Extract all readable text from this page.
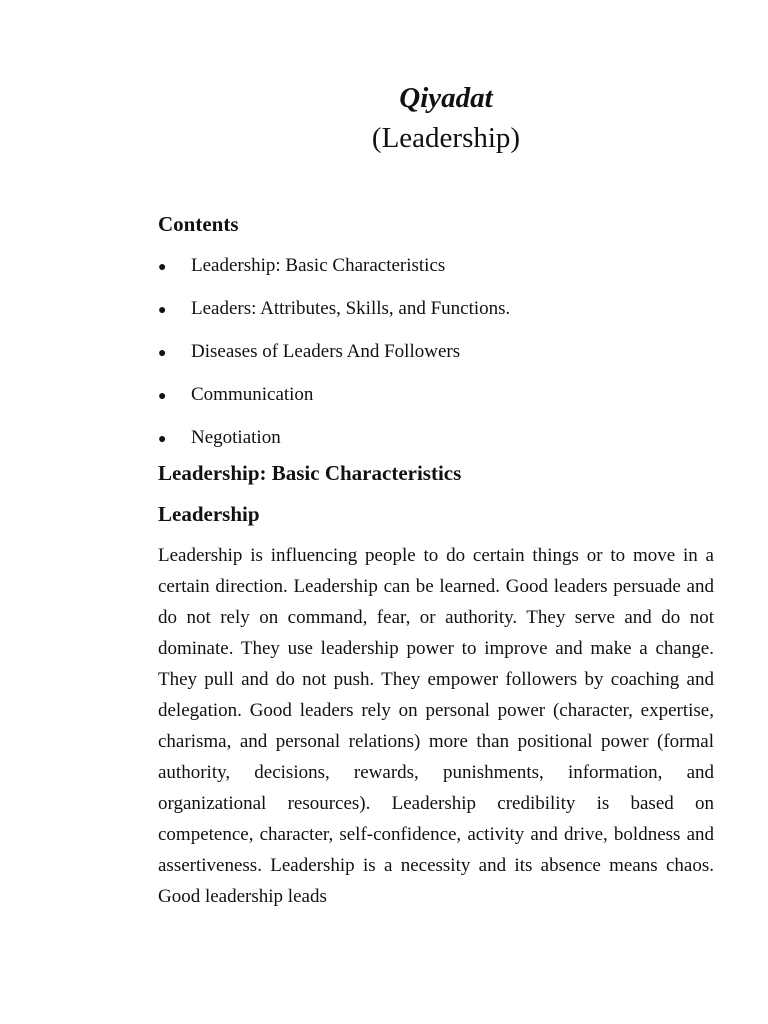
Qiyadat

(Leadership)

Contents

●	Leadership: Basic Characteristics
●	Leaders: Attributes, Skills, and Functions.
●	Diseases of Leaders And Followers
●	Communication
●	Negotiation

Leadership: Basic Characteristics

Leadership

Leadership is influencing people to do certain things or to move in a certain direction. Leadership can be learned. Good leaders persuade and do not rely on command, fear, or authority. They serve and do not dominate. They use leadership power to improve and make a change. They pull and do not push. They empower followers by coaching and delegation. Good leaders rely on personal power (character, expertise, charisma, and personal relations) more than positional power (formal authority, decisions, rewards, punishments, information, and organizational resources). Leadership credibility is based on competence, character, self-confidence, activity and drive, boldness and assertiveness. Leadership is a necessity and its absence means chaos. Good leadership leads
